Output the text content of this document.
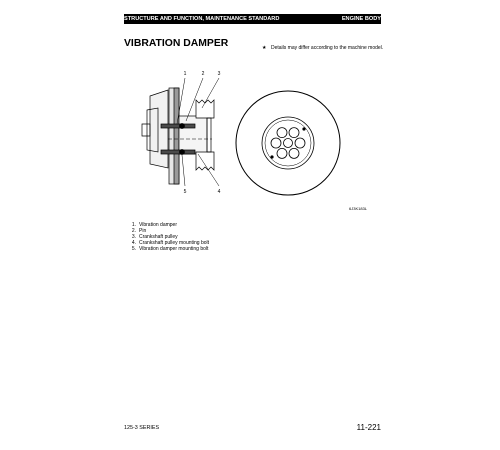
STRUCTURE AND FUNCTION, MAINTENANCE STANDARD	ENGINE BODY
VIBRATION DAMPER	★ Details may differ according to the machine model.
1	2	3
4
5
6J3K183L
1. Vibration damper
2. Pin
3. Crankshaft pulley
4. Crankshaft pulley mounting bolt
5. Vibration damper mounting bolt
125-3 SERIES	11-221
